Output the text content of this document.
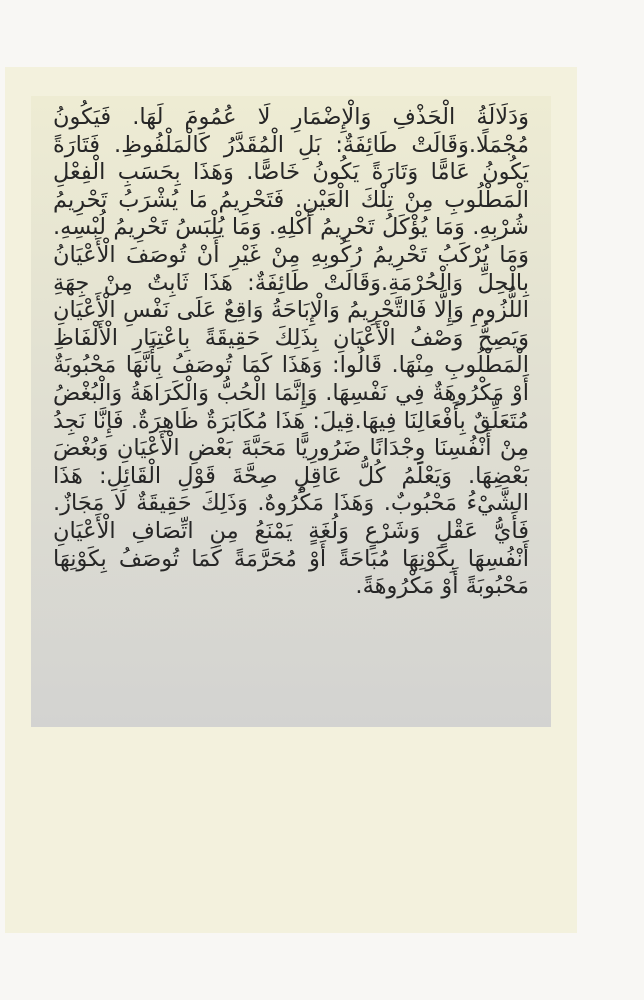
وَدَلَالَةُ الْحَذْفِ وَالْإِضْمَارِ لَا عُمُومَ لَهَا. فَيَكُونُ مُجْمَلًا.وَقَالَتْ طَائِفَةٌ: بَلِ الْمُقَدَّرُ كَالْمَلْفُوظِ. فَتَارَةً يَكُونُ عَامًّا وَتَارَةً يَكُونُ خَاصًّا. وَهَذَا بِحَسَبِ الْفِعْلِ الْمَطْلُوبِ مِنْ تِلْكَ الْعَيْنِ. فَتَحْرِيمُ مَا يُشْرَبُ تَحْرِيمُ شُرْبِهِ. وَمَا يُؤْكَلُ تَحْرِيمُ أَكْلِهِ. وَمَا يُلْبَسُ تَحْرِيمُ لُبْسِهِ. وَمَا يُرْكَبُ تَحْرِيمُ رُكُوبِهِ مِنْ غَيْرِ أَنْ تُوصَفَ الْأَعْيَانُ بِالْحِلِّ وَالْحُرْمَةِ.وَقَالَتْ طَائِفَةٌ: هَذَا ثَابِتٌ مِنْ جِهَةِ اللُّزُومِ وَإِلَّا فَالتَّحْرِيمُ وَالْإِبَاحَةُ وَاقِعٌ عَلَى نَفْسِ الْأَعْيَانِ وَيَصِحُّ وَصْفُ الْأَعْيَانِ بِذَلِكَ حَقِيقَةً بِاعْتِبَارِ الْأَلْفَاظِ الْمَطْلُوبِ مِنْهَا. قَالُوا: وَهَذَا كَمَا تُوصَفُ بِأَنَّهَا مَحْبُوبَةٌ أَوْ مَكْرُوهَةٌ فِي نَفْسِهَا. وَإِنَّمَا الْحُبُّ وَالْكَرَاهَةُ وَالْبُغْضُ مُتَعَلِّقٌ بِأَفْعَالِنَا فِيهَا.قِيلَ: هَذَا مُكَابَرَةٌ ظَاهِرَةٌ. فَإِنَّا نَجِدُ مِنْ أَنْفُسِنَا وِجْدَانًا ضَرُورِيًّا مَحَبَّةَ بَعْضِ الْأَعْيَانِ وَبُغْضَ بَعْضِهَا. وَيَعْلَمُ كُلُّ عَاقِلٍ صِحَّةَ قَوْلِ الْقَائِلِ: هَذَا الشَّيْءُ مَحْبُوبٌ. وَهَذَا مَكْرُوهٌ. وَذَلِكَ حَقِيقَةٌ لَا مَجَازٌ. فَأَيُّ عَقْلٍ وَشَرْعٍ وَلُغَةٍ يَمْنَعُ مِنِ اتِّصَافِ الْأَعْيَانِ أَنْفُسِهَا بِكَوْنِهَا مُبَاحَةً أَوْ مُحَرَّمَةً كَمَا تُوصَفُ بِكَوْنِهَا مَحْبُوبَةً أَوْ مَكْرُوهَةً.
